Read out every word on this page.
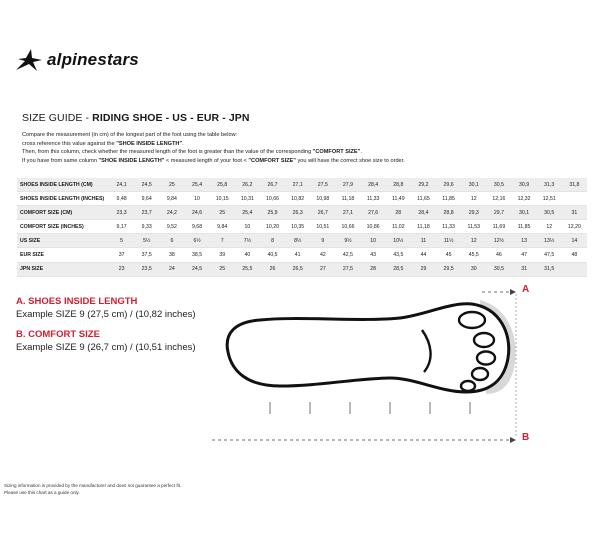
alpinestars
SIZE GUIDE - RIDING SHOE - US - EUR - JPN

Compare the measurement (in cm) of the longest part of the foot using the table below:

cross reference this value against the "SHOE INSIDE LENGTH".

Then, from this column, check whether the measured length of the foot is greater than the value of the corresponding "COMFORT SIZE".

If you have from same column "SHOE INSIDE LENGTH" < measured length of your foot < "COMFORT SIZE" you will have the correct shoe size to order.

SHOES INSIDE LENGTH (CM)	24,1	24,5	25	25,4	25,8	26,2	26,7	27,1	27,5	27,9	28,4	28,8	29,2	29,6	30,1	30,5	30,9	31,3	31,8
SHOES INSIDE LENGTH (INCHES)	9,48	9,64	9,84	10	10,15	10,31	10,66	10,82	10,98	11,18	11,33	11,49	11,65	11,85	12	12,16	12,32	12,51	
COMFORT SIZE (CM)	23,3	23,7	24,2	24,6	25	25,4	25,9	26,3	26,7	27,1	27,6	28	28,4	28,8	29,3	29,7	30,1	30,5	31
COMFORT SIZE (INCHES)	9,17	9,33	9,52	9,68	9,84	10	10,20	10,35	10,51	10,66	10,86	11,02	11,18	11,33	11,53	11,69	11,85	12	12,20
US SIZE	5	5½	6	6½	7	7½	8	8½	9	9½	10	10½	11	11½	12	12½	13	13½	14
EUR SIZE	37	37,5	38	38,5	39	40	40,5	41	42	42,5	43	43,5	44	45	45,5	46	47	47,5	48
JPN SIZE	23	23,5	24	24,5	25	25,5	26	26,5	27	27,5	28	28,5	29	29,5	30	30,5	31	31,5	
A. SHOES INSIDE LENGTH
Example SIZE 9 (27,5 cm) / (10,82 inches)
B. COMFORT SIZE
Example SIZE 9 (26,7 cm) / (10,51 inches)
A
B

Sizing information is provided by the manufacturer and does not guarantee a perfect fit.

Please use this chart as a guide only.
